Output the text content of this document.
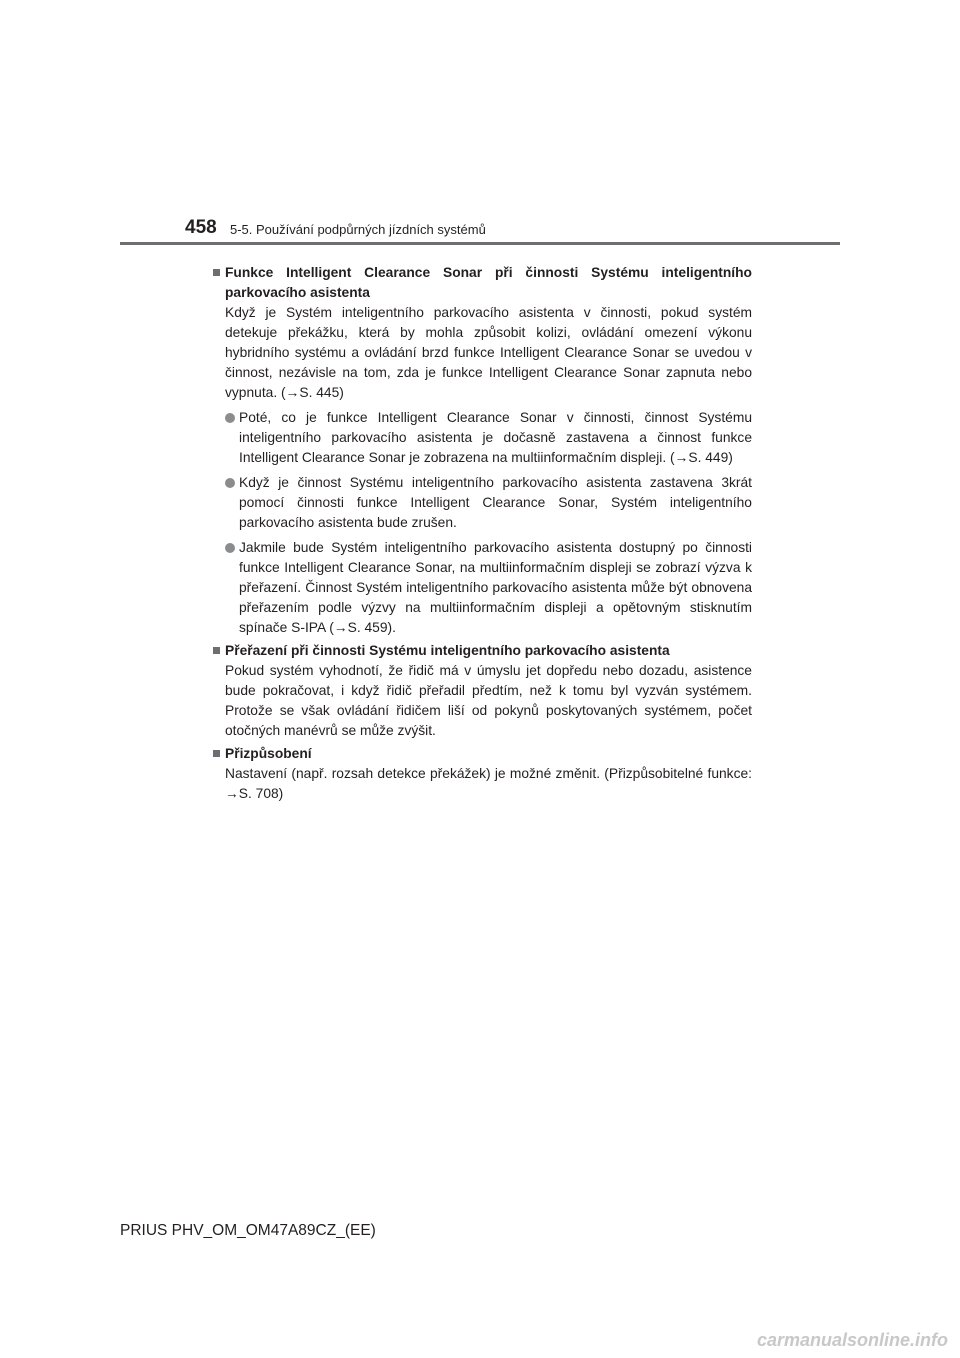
458 5-5. Používání podpůrných jízdních systémů
Funkce Intelligent Clearance Sonar při činnosti Systému inteligentního parkovacího asistenta

Když je Systém inteligentního parkovacího asistenta v činnosti, pokud systém detekuje překážku, která by mohla způsobit kolizi, ovládání omezení výkonu hybridního systému a ovládání brzd funkce Intelligent Clearance Sonar se uvedou v činnost, nezávisle na tom, zda je funkce Intelligent Clearance Sonar zapnuta nebo vypnuta. (→S. 445)

Poté, co je funkce Intelligent Clearance Sonar v činnosti, činnost Systému inteligentního parkovacího asistenta je dočasně zastavena a činnost funkce Intelligent Clearance Sonar je zobrazena na multiinformačním displeji. (→S. 449)
Když je činnost Systému inteligentního parkovacího asistenta zastavena 3krát pomocí činnosti funkce Intelligent Clearance Sonar, Systém inteligentního parkovacího asistenta bude zrušen.
Jakmile bude Systém inteligentního parkovacího asistenta dostupný po činnosti funkce Intelligent Clearance Sonar, na multiinformačním displeji se zobrazí výzva k přeřazení. Činnost Systém inteligentního parkovacího asistenta může být obnovena přeřazením podle výzvy na multiinformačním displeji a opětovným stisknutím spínače S-IPA (→S. 459).
Přeřazení při činnosti Systému inteligentního parkovacího asistenta

Pokud systém vyhodnotí, že řidič má v úmyslu jet dopředu nebo dozadu, asistence bude pokračovat, i když řidič přeřadil předtím, než k tomu byl vyzván systémem. Protože se však ovládání řidičem liší od pokynů poskytovaných systémem, počet otočných manévrů se může zvýšit.

Přizpůsobení

Nastavení (např. rozsah detekce překážek) je možné změnit. (Přizpůsobitelné funkce: →S. 708)

PRIUS PHV_OM_OM47A89CZ_(EE)
carmanualsonline.info
